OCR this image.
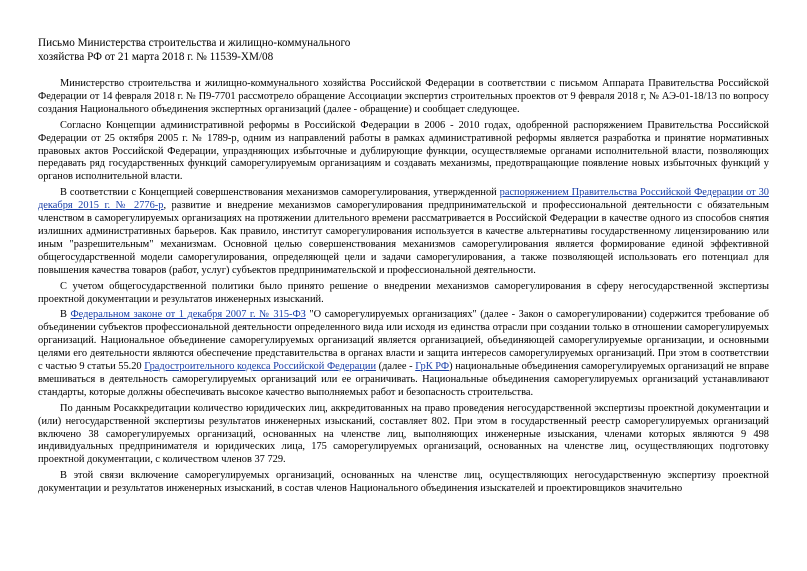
Письмо Министерства строительства и жилищно-коммунального
хозяйства РФ от 21 марта 2018 г. № 11539-ХМ/08

Министерство строительства и жилищно-коммунального хозяйства Российской Федерации в соответствии с письмом Аппарата Правительства Российской Федерации от 14 февраля 2018 г. № П9-7701 рассмотрело обращение Ассоциации экспертиз строительных проектов от 9 февраля 2018 г, № АЭ-01-18/13 по вопросу создания Национального объединения экспертных организаций (далее - обращение) и сообщает следующее.

Согласно Концепции административной реформы в Российской Федерации в 2006 - 2010 годах, одобренной распоряжением Правительства Российской Федерации от 25 октября 2005 г. № 1789-р, одним из направлений работы в рамках административной реформы является разработка и принятие нормативных правовых актов Российской Федерации, упраздняющих избыточные и дублирующие функции, осуществляемые органами исполнительной власти, позволяющих передавать ряд государственных функций саморегулируемым организациям и создавать механизмы, предотвращающие появление новых избыточных функций у органов исполнительной власти.

В соответствии с Концепцией совершенствования механизмов саморегулирования, утвержденной распоряжением Правительства Российской Федерации от 30 декабря 2015 г. № 2776-р, развитие и внедрение механизмов саморегулирования предпринимательской и профессиональной деятельности с обязательным членством в саморегулируемых организациях на протяжении длительного времени рассматривается в Российской Федерации в качестве одного из способов снятия излишних административных барьеров. Как правило, институт саморегулирования используется в качестве альтернативы государственному лицензированию или иным "разрешительным" механизмам. Основной целью совершенствования механизмов саморегулирования является формирование единой эффективной общегосударственной модели саморегулирования, определяющей цели и задачи саморегулирования, а также позволяющей использовать его потенциал для повышения качества товаров (работ, услуг) субъектов предпринимательской и профессиональной деятельности.

С учетом общегосударственной политики было принято решение о внедрении механизмов саморегулирования в сферу негосударственной экспертизы проектной документации и результатов инженерных изысканий.

В Федеральном законе от 1 декабря 2007 г. № 315-ФЗ "О саморегулируемых организациях" (далее - Закон о саморегулировании) содержится требование об объединении субъектов профессиональной деятельности определенного вида или исходя из единства отрасли при создании только в отношении саморегулируемых организаций. Национальное объединение саморегулируемых организаций является организацией, объединяющей саморегулируемые организации, и основными целями его деятельности являются обеспечение представительства в органах власти и защита интересов саморегулируемых организаций. При этом в соответствии с частью 9 статьи 55.20 Градостроительного кодекса Российской Федерации (далее - ГрК РФ) национальные объединения саморегулируемых организаций не вправе вмешиваться в деятельность саморегулируемых организаций или ее ограничивать. Национальные объединения саморегулируемых организаций устанавливают стандарты, которые должны обеспечивать высокое качество выполняемых работ и безопасность строительства.

По данным Росаккредитации количество юридических лиц, аккредитованных на право проведения негосударственной экспертизы проектной документации и (или) негосударственной экспертизы результатов инженерных изысканий, составляет 802. При этом в государственный реестр саморегулируемых организаций включено 38 саморегулируемых организаций, основанных на членстве лиц, выполняющих инженерные изыскания, членами которых являются 9 498 индивидуальных предпринимателя и юридических лица, 175 саморегулируемых организаций, основанных на членстве лиц, осуществляющих подготовку проектной документации, с количеством членов 37 729.

В этой связи включение саморегулируемых организаций, основанных на членстве лиц, осуществляющих негосударственную экспертизу проектной документации и результатов инженерных изысканий, в состав членов Национального объединения изыскателей и проектировщиков значительно
